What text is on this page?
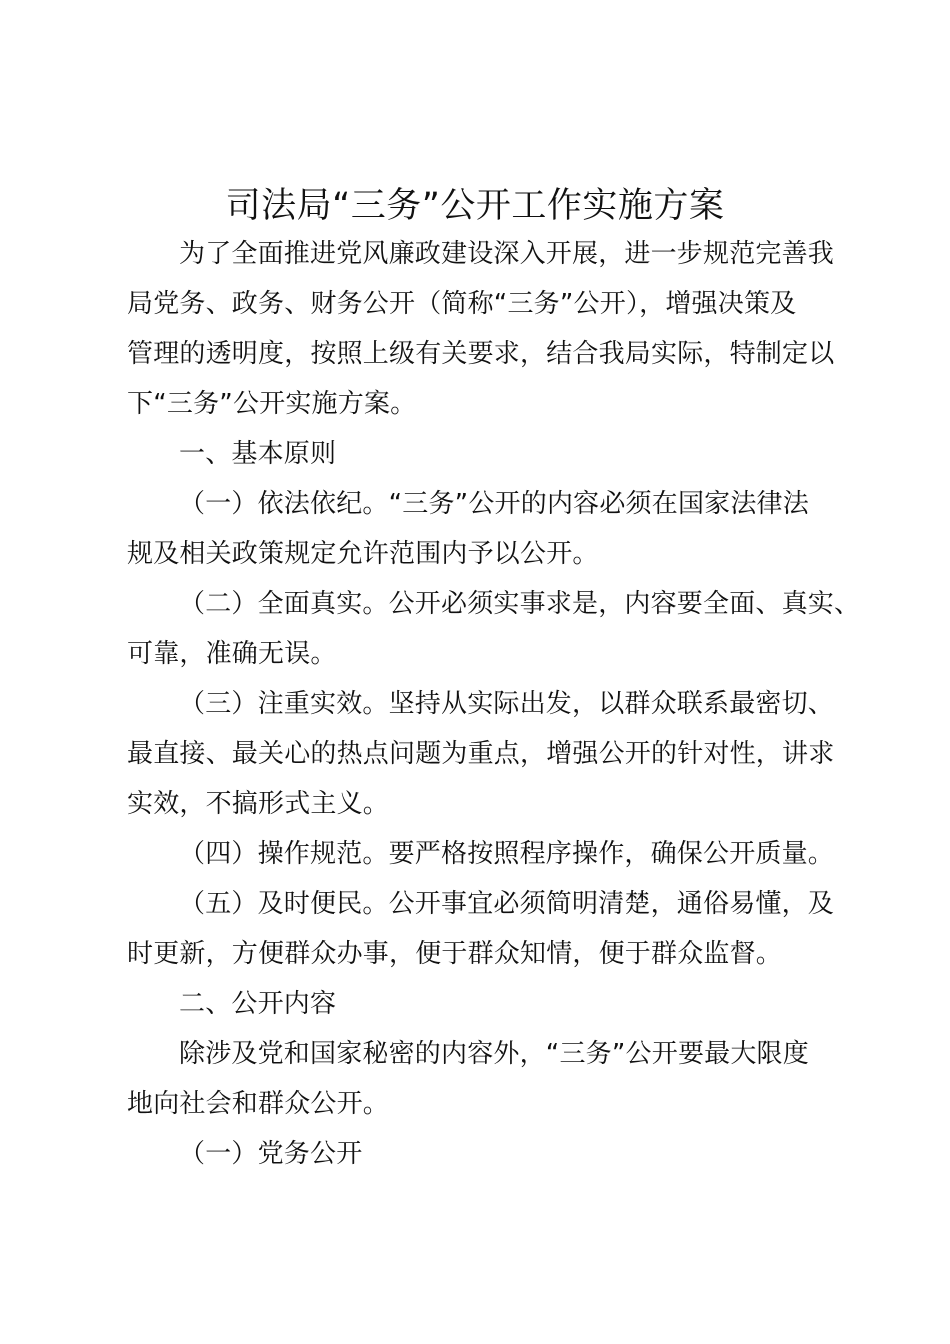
司法局“三务”公开工作实施方案
为了全面推进党风廉政建设深入开展，进一步规范完善我
局党务、政务、财务公开（简称“三务”公开），增强决策及
管理的透明度，按照上级有关要求，结合我局实际，特制定以
下“三务”公开实施方案。
一、基本原则
（一）依法依纪。“三务”公开的内容必须在国家法律法
规及相关政策规定允许范围内予以公开。
（二）全面真实。公开必须实事求是，内容要全面、真实、
可靠，准确无误。
（三）注重实效。坚持从实际出发，以群众联系最密切、
最直接、最关心的热点问题为重点，增强公开的针对性，讲求
实效，不搞形式主义。
（四）操作规范。要严格按照程序操作，确保公开质量。
（五）及时便民。公开事宜必须简明清楚，通俗易懂，及
时更新，方便群众办事，便于群众知情，便于群众监督。
二、公开内容
除涉及党和国家秘密的内容外，“三务”公开要最大限度
地向社会和群众公开。
（一）党务公开
